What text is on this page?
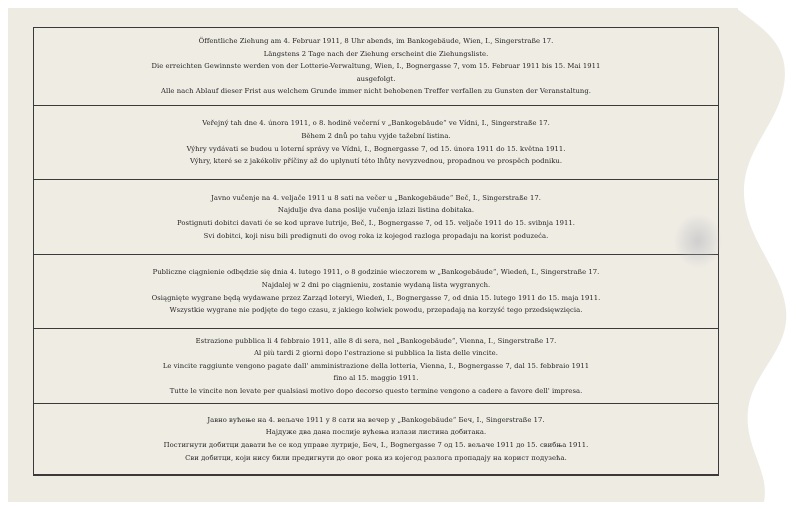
Öffentliche Ziehung am 4. Februar 1911, 8 Uhr abends, im Bankogebäude, Wien, I., Singerstraße 17.
Längstens 2 Tage nach der Ziehung erscheint die Ziehungsliste.
Die erreichten Gewinnste werden von der Lotterie-Verwaltung, Wien, I., Bognergasse 7, vom 15. Februar 1911 bis 15. Mai 1911
ausgefolgt.
Alle nach Ablauf dieser Frist aus welchem Grunde immer nicht behobenen Treffer verfallen zu Gunsten der Veranstaltung.
Veřejný tah dne 4. února 1911, o 8. hodině večerní v „Bankogebäude“ ve Vídni, I., Singerstraße 17.
Během 2 dnů po tahu vyjde tažební listina.
Výhry vydávati se budou u loterní správy ve Vídni, I., Bognergasse 7, od 15. února 1911 do 15. května 1911.
Výhry, které se z jakékoliv příčiny až do uplynutí této lhůty nevyzvednou, propadnou ve prospěch podniku.
Javno vučenje na 4. veljače 1911 u 8 sati na večer u „Bankogebäude“ Beč, I., Singerstraße 17.
Najdulje dva dana poslije vučenja izlazi listina dobitaka.
Postignuti dobitci davati će se kod uprave lutrije, Beč, I., Bognergasse 7, od 15. veljače 1911 do 15. svibnja 1911.
Svi dobitci, koji nisu bili predignuti do ovog roka iz kojegod razloga propadaju na korist poduzeća.
Publiczne ciągnienie odbędzie się dnia 4. lutego 1911, o 8 godzinie wieczorem w „Bankogebäude“, Wiedeń, I., Singerstraße 17.
Najdalej w 2 dni po ciągnieniu, zostanie wydaną lista wygranych.
Osiągnięte wygrane będą wydawane przez Zarząd loteryi, Wiedeń, I., Bognergasse 7, od dnia 15. lutego 1911 do 15. maja 1911.
Wszystkie wygrane nie podjęte do tego czasu, z jakiego kolwiek powodu, przepadają na korzyść tego przedsięwzięcia.
Estrazione pubblica li 4 febbraio 1911, alle 8 di sera, nel „Bankogebäude“, Vienna, I., Singerstraße 17.
Al più tardi 2 giorni dopo l'estrazione si pubblica la lista delle vincite.
Le vincite raggiunte vengono pagate dall' amministrazione della lotteria, Vienna, I., Bognergasse 7, dal 15. febbraio 1911
fino al 15. maggio 1911.
Tutte le vincite non levate per qualsiasi motivo dopo decorso questo termine vengono a cadere a favore dell' impresa.
Јавно вућење на 4. вељаче 1911 у 8 сати на вечер у „Bankogebäude“ Беч, I., Singerstraße 17.
Најдуже два дана послије вућења излази листина добитака.
Постигнути добитци давати ће се код управе лутрије, Беч, I., Bognergasse 7 од 15. вељаче 1911 до 15. свибња 1911.
Сви добитци, који нису били предигнути до овог рока из којегод разлога пропадају на корист подузећа.
